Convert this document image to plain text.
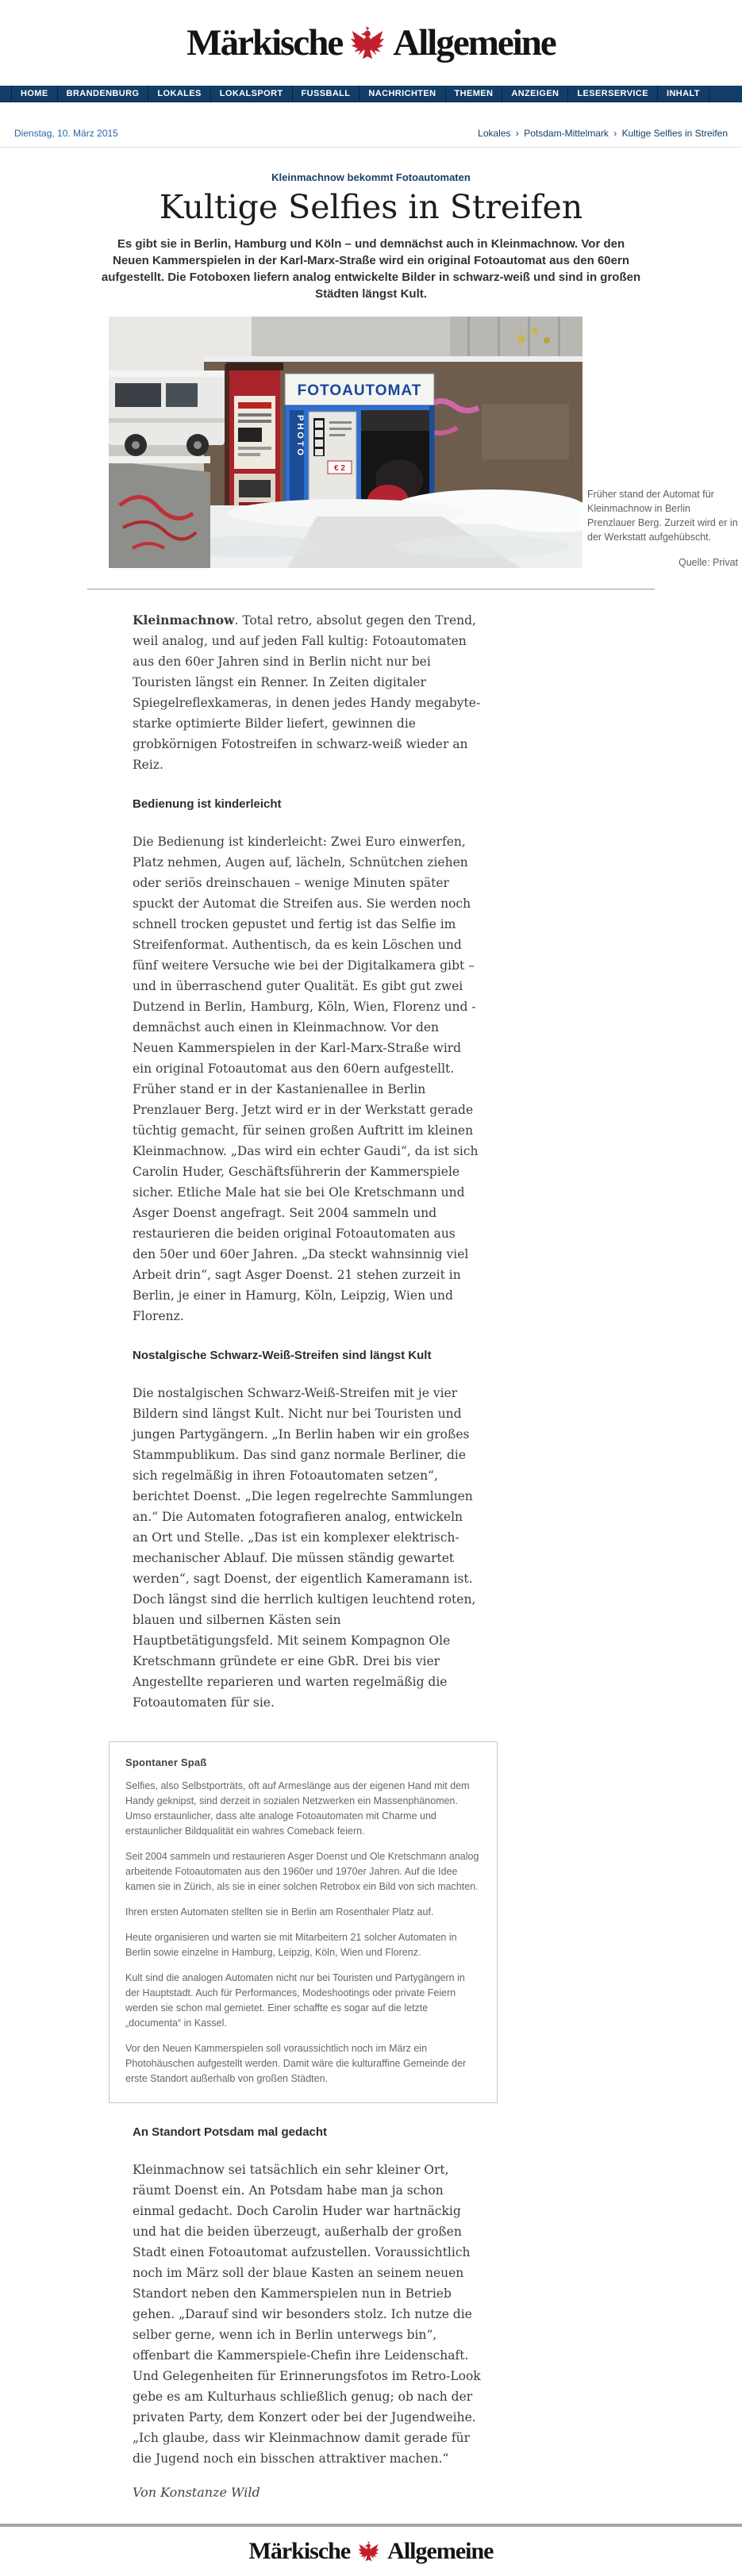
Märkische Allgemeine
HOME	BRANDENBURG	LOKALES	LOKALSPORT	FUSSBALL	NACHRICHTEN	THEMEN	ANZEIGEN	LESERSERVICE	INHALT
Dienstag, 10. März 2015	Lokales › Potsdam-Mittelmark › Kultige Selfies in Streifen
Kleinmachnow bekommt Fotoautomaten
Kultige Selfies in Streifen

Es gibt sie in Berlin, Hamburg und Köln – und demnächst auch in Kleinmachnow. Vor den Neuen Kammerspielen in der Karl-Marx-Straße wird ein original Fotoautomat aus den 60ern aufgestellt. Die Fotoboxen liefern analog entwickelte Bilder in schwarz-weiß und sind in großen Städten längst Kult.

FOTOAUTOMAT
PHOTO
€ 2

Früher stand der Automat für Kleinmachnow in Berlin Prenzlauer Berg. Zurzeit wird er in der Werkstatt aufgehübscht.

Quelle: Privat

Kleinmachnow. Total retro, absolut gegen den Trend, weil analog, und auf jeden Fall kultig: Fotoautomaten aus den 60er Jahren sind in Berlin nicht nur bei Touristen längst ein Renner. In Zeiten digitaler Spiegelreflexkameras, in denen jedes Handy megabyte-starke optimierte Bilder liefert, gewinnen die grobkörnigen Fotostreifen in schwarz-weiß wieder an Reiz.

Bedienung ist kinderleicht

Die Bedienung ist kinderleicht: Zwei Euro einwerfen, Platz nehmen, Augen auf, lächeln, Schnütchen ziehen oder seriös dreinschauen – wenige Minuten später spuckt der Automat die Streifen aus. Sie werden noch schnell trocken gepustet und fertig ist das Selfie im Streifenformat. Authentisch, da es kein Löschen und fünf weitere Versuche wie bei der Digitalkamera gibt – und in überraschend guter Qualität. Es gibt gut zwei Dutzend in Berlin, Hamburg, Köln, Wien, Florenz und - demnächst auch einen in Kleinmachnow. Vor den Neuen Kammerspielen in der Karl-Marx-Straße wird ein original Fotoautomat aus den 60ern aufgestellt. Früher stand er in der Kastanienallee in Berlin Prenzlauer Berg. Jetzt wird er in der Werkstatt gerade tüchtig gemacht, für seinen großen Auftritt im kleinen Kleinmachnow. „Das wird ein echter Gaudi“, da ist sich Carolin Huder, Geschäftsführerin der Kammerspiele sicher. Etliche Male hat sie bei Ole Kretschmann und Asger Doenst angefragt. Seit 2004 sammeln und restaurieren die beiden original Fotoautomaten aus den 50er und 60er Jahren. „Da steckt wahnsinnig viel Arbeit drin“, sagt Asger Doenst. 21 stehen zurzeit in Berlin, je einer in Hamurg, Köln, Leipzig, Wien und Florenz.

Nostalgische Schwarz-Weiß-Streifen sind längst Kult

Die nostalgischen Schwarz-Weiß-Streifen mit je vier Bildern sind längst Kult. Nicht nur bei Touristen und jungen Partygängern. „In Berlin haben wir ein großes Stammpublikum. Das sind ganz normale Berliner, die sich regelmäßig in ihren Fotoautomaten setzen“, berichtet Doenst. „Die legen regelrechte Sammlungen an.“ Die Automaten fotografieren analog, entwickeln an Ort und Stelle. „Das ist ein komplexer elektrisch-mechanischer Ablauf. Die müssen ständig gewartet werden“, sagt Doenst, der eigentlich Kameramann ist. Doch längst sind die herrlich kultigen leuchtend roten, blauen und silbernen Kästen sein Hauptbetätigungsfeld. Mit seinem Kompagnon Ole Kretschmann gründete er eine GbR. Drei bis vier Angestellte reparieren und warten regelmäßig die Fotoautomaten für sie.

Spontaner Spaß

Selfies, also Selbstporträts, oft auf Armeslänge aus der eigenen Hand mit dem Handy geknipst, sind derzeit in sozialen Netzwerken ein Massenphänomen. Umso erstaunlicher, dass alte analoge Fotoautomaten mit Charme und erstaunlicher Bildqualität ein wahres Comeback feiern.

Seit 2004 sammeln und restaurieren Asger Doenst und Ole Kretschmann analog arbeitende Fotoautomaten aus den 1960er und 1970er Jahren. Auf die Idee kamen sie in Zürich, als sie in einer solchen Retrobox ein Bild von sich machten.

Ihren ersten Automaten stellten sie in Berlin am Rosenthaler Platz auf.

Heute organisieren und warten sie mit Mitarbeitern 21 solcher Automaten in Berlin sowie einzelne in Hamburg, Leipzig, Köln, Wien und Florenz.

Kult sind die analogen Automaten nicht nur bei Touristen und Partygängern in der Hauptstadt. Auch für Performances, Modeshootings oder private Feiern werden sie schon mal gemietet. Einer schaffte es sogar auf die letzte „documenta“ in Kassel.

Vor den Neuen Kammerspielen soll voraussichtlich noch im März ein Photohäuschen aufgestellt werden. Damit wäre die kulturaffine Gemeinde der erste Standort außerhalb von großen Städten.

An Standort Potsdam mal gedacht

Kleinmachnow sei tatsächlich ein sehr kleiner Ort, räumt Doenst ein. An Potsdam habe man ja schon einmal gedacht. Doch Carolin Huder war hartnäckig und hat die beiden überzeugt, außerhalb der großen Stadt einen Fotoautomat aufzustellen. Voraussichtlich noch im März soll der blaue Kasten an seinem neuen Standort neben den Kammerspielen nun in Betrieb gehen. „Darauf sind wir besonders stolz. Ich nutze die selber gerne, wenn ich in Berlin unterwegs bin“, offenbart die Kammerspiele-Chefin ihre Leidenschaft. Und Gelegenheiten für Erinnerungsfotos im Retro-Look gebe es am Kulturhaus schließlich genug; ob nach der privaten Party, dem Konzert oder bei der Jugendweihe. „Ich glaube, dass wir Kleinmachnow damit gerade für die Jugend noch ein bisschen attraktiver machen.“

Von Konstanze Wild

Märkische Allgemeine
